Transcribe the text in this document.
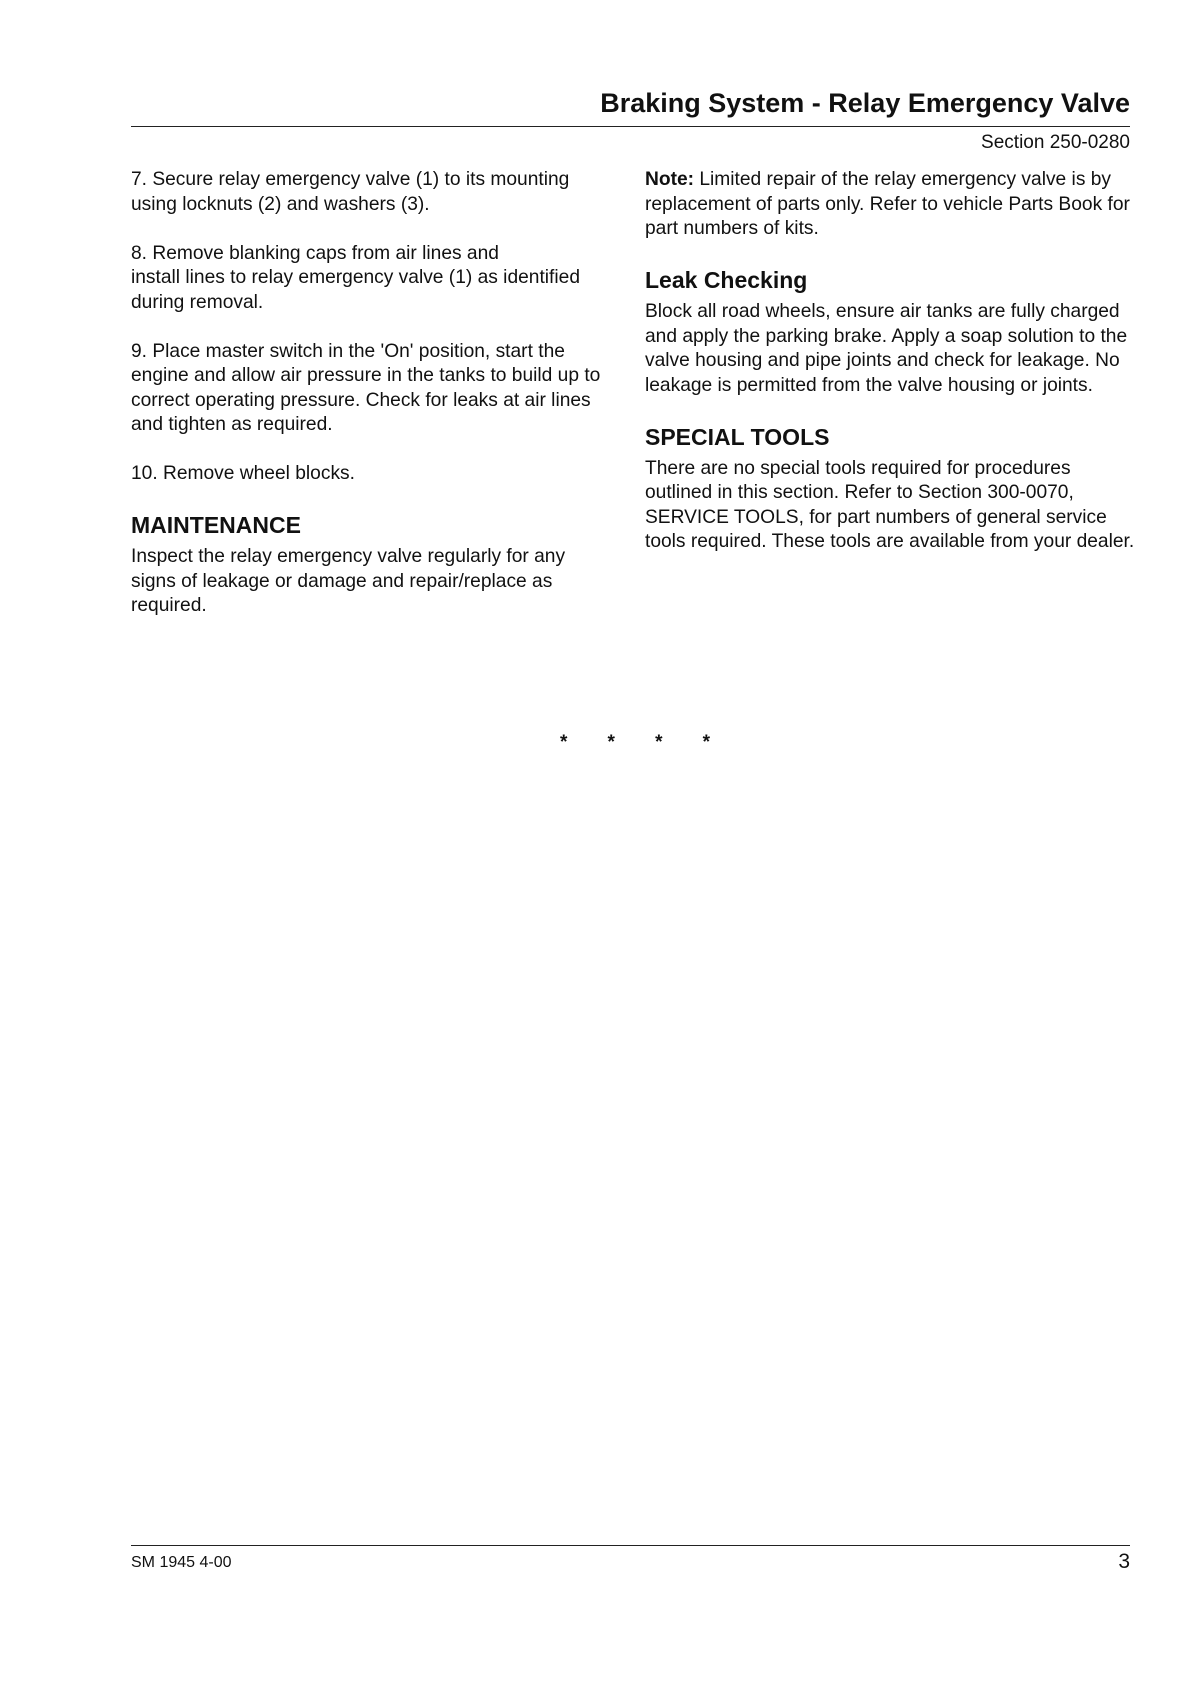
Braking System - Relay Emergency Valve
Section 250-0280

7. Secure relay emergency valve (1) to its mounting using locknuts (2) and washers (3).

8. Remove blanking caps from air lines and

install lines to relay emergency valve (1) as identified during removal.

9. Place master switch in the 'On' position, start the engine and allow air pressure in the tanks to build up to correct operating pressure. Check for leaks at air lines and tighten as required.

10. Remove wheel blocks.

MAINTENANCE

Inspect the relay emergency valve regularly for any signs of leakage or damage and repair/replace as required.

Note: Limited repair of the relay emergency valve is by replacement of parts only. Refer to vehicle Parts Book for part numbers of kits.

Leak Checking

Block all road wheels, ensure air tanks are fully charged and apply the parking brake. Apply a soap solution to the valve housing and pipe joints and check for leakage. No leakage is permitted from the valve housing or joints.

SPECIAL TOOLS

There are no special tools required for procedures outlined in this section. Refer to Section 300-0070, SERVICE TOOLS, for part numbers of general service tools required. These tools are available from your dealer.

* * * *
SM 1945 4-00	3
